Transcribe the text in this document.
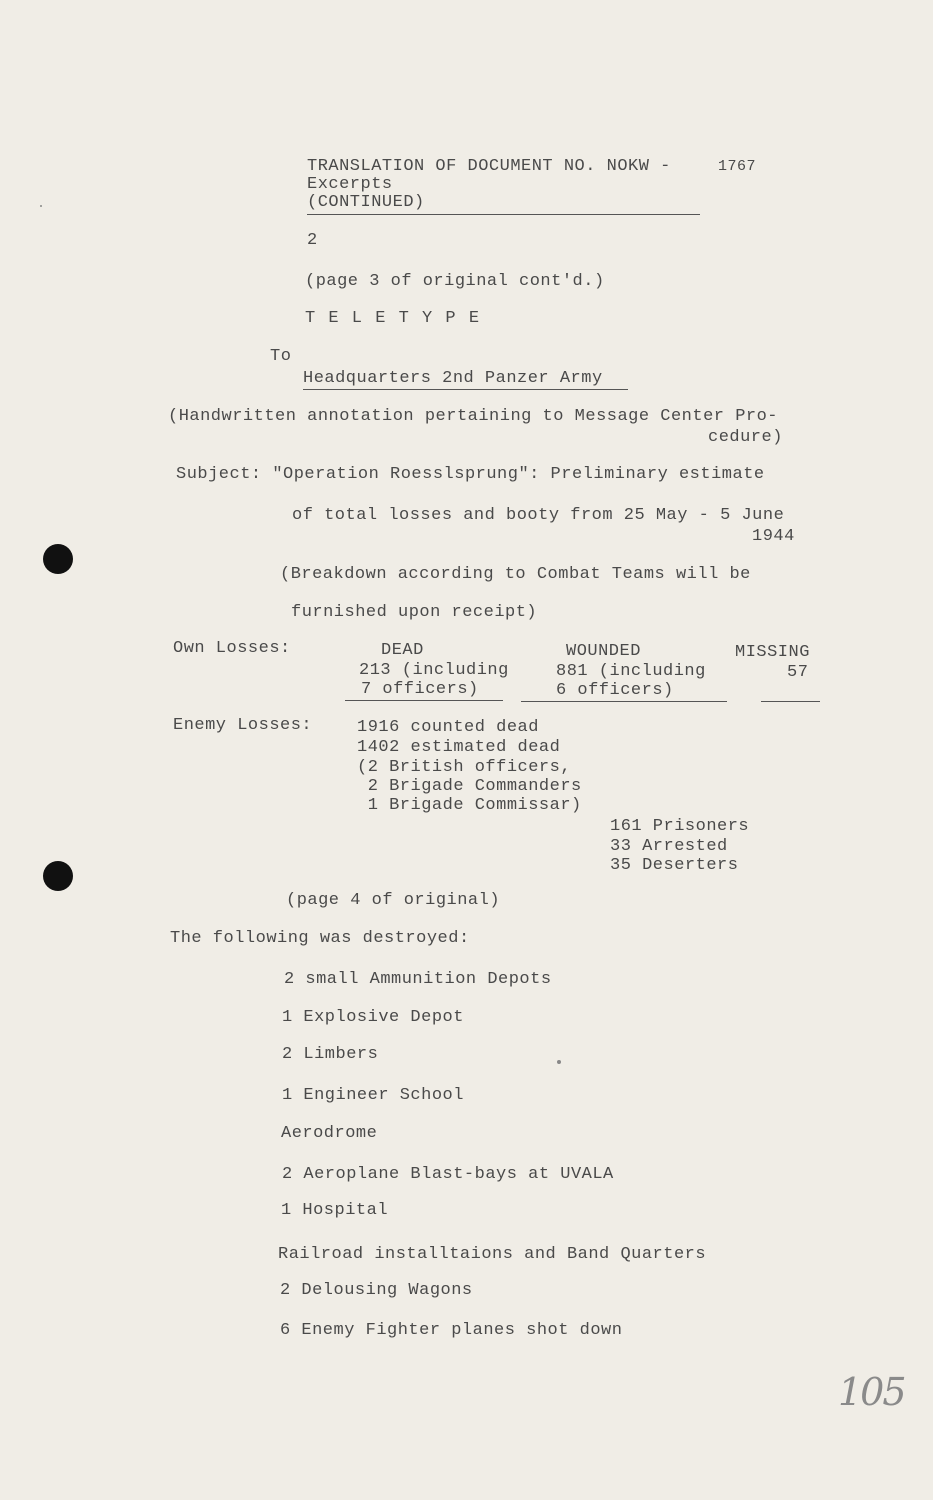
TRANSLATION OF DOCUMENT NO. NOKW -	1767
Excerpts
(CONTINUED)
2
(page 3 of original cont'd.)
T E L E T Y P E
To
Headquarters 2nd Panzer Army
(Handwritten annotation pertaining to Message Center Pro-
cedure)
Subject: "Operation Roesslsprung": Preliminary estimate
of total losses and booty from 25 May - 5 June
1944
(Breakdown according to Combat Teams will be
furnished upon receipt)
Own Losses:	DEAD	WOUNDED	MISSING
213 (including	881 (including	57
7 officers)	6 officers)
Enemy Losses:	1916 counted dead
1402 estimated dead
(2 British officers,
2 Brigade Commanders
1 Brigade Commissar)
161 Prisoners
33 Arrested
35 Deserters
(page 4 of original)
The following was destroyed:
2 small Ammunition Depots
1 Explosive Depot
2 Limbers
1 Engineer School
Aerodrome
2 Aeroplane Blast-bays at UVALA
1 Hospital
Railroad installtaions and Band Quarters
2 Delousing Wagons
6 Enemy Fighter planes shot down
105
